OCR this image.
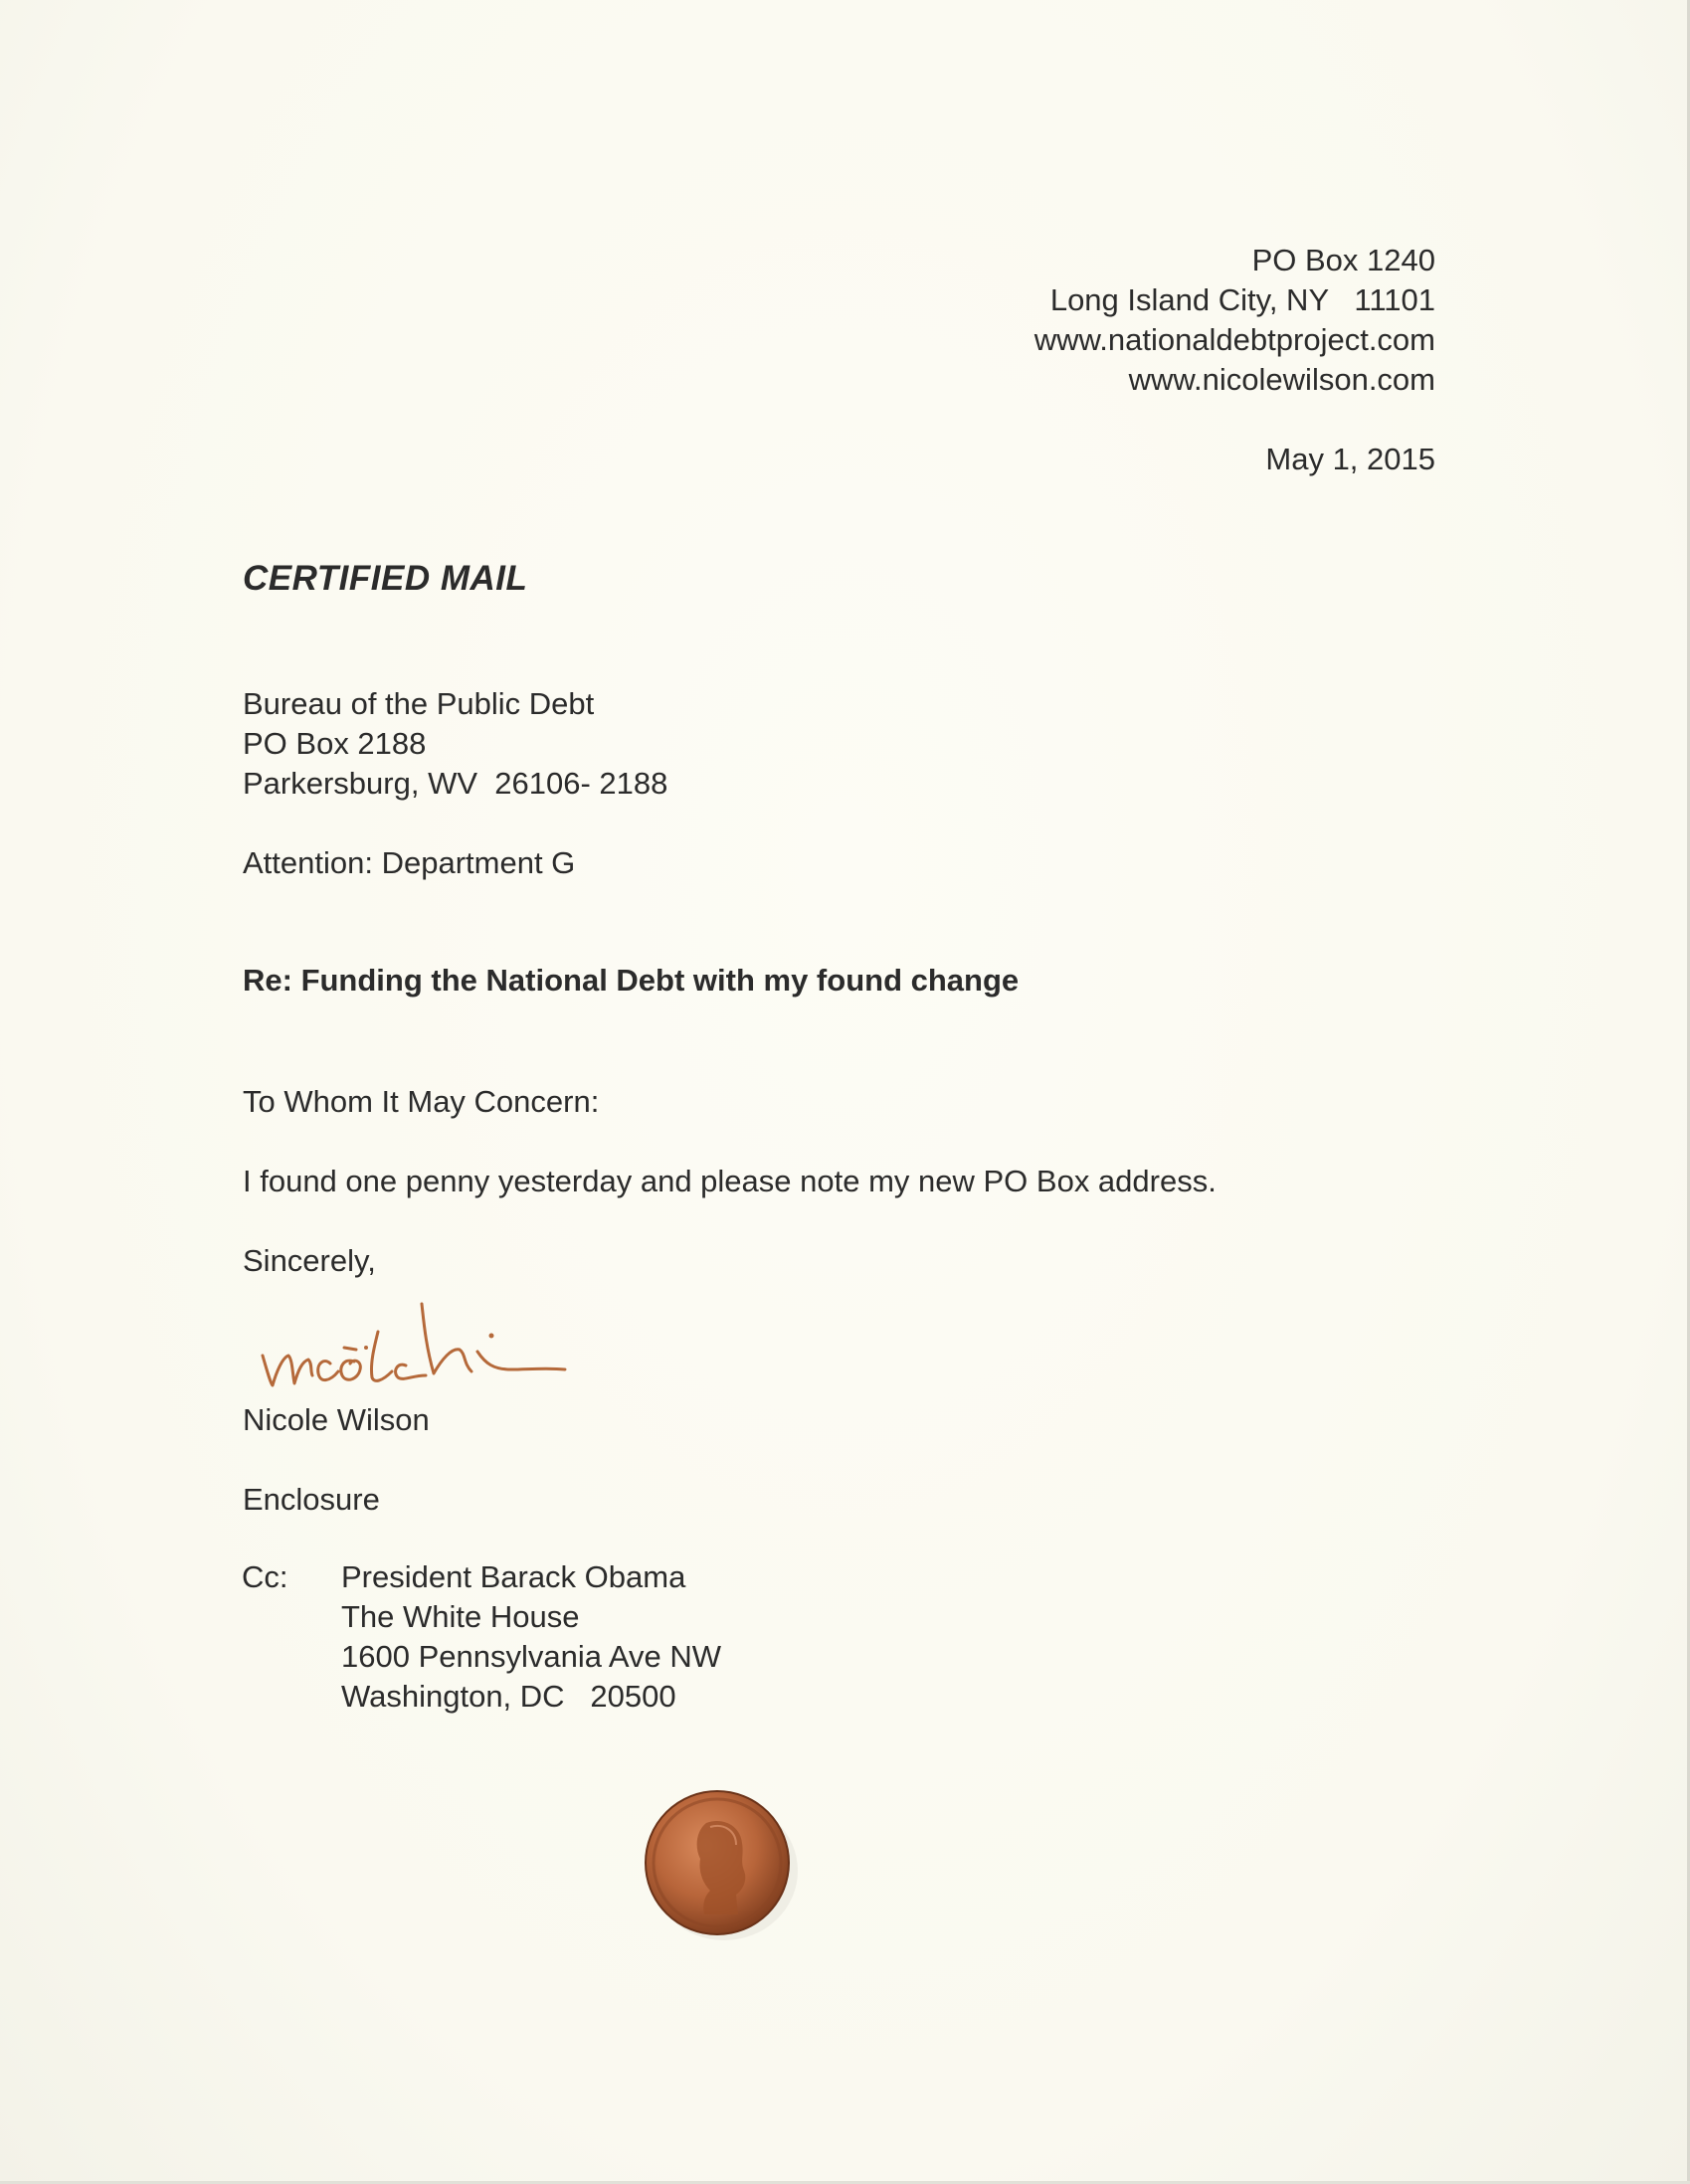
PO Box 1240
Long Island City, NY   11101
www.nationaldebtproject.com
www.nicolewilson.com
May 1, 2015
CERTIFIED MAIL
Bureau of the Public Debt
PO Box 2188
Parkersburg, WV  26106- 2188
Attention: Department G
Re: Funding the National Debt with my found change
To Whom It May Concern:
I found one penny yesterday and please note my new PO Box address.
Sincerely,
Nicole Wilson
Enclosure
Cc: President Barack Obama
The White House
1600 Pennsylvania Ave NW
Washington, DC   20500
